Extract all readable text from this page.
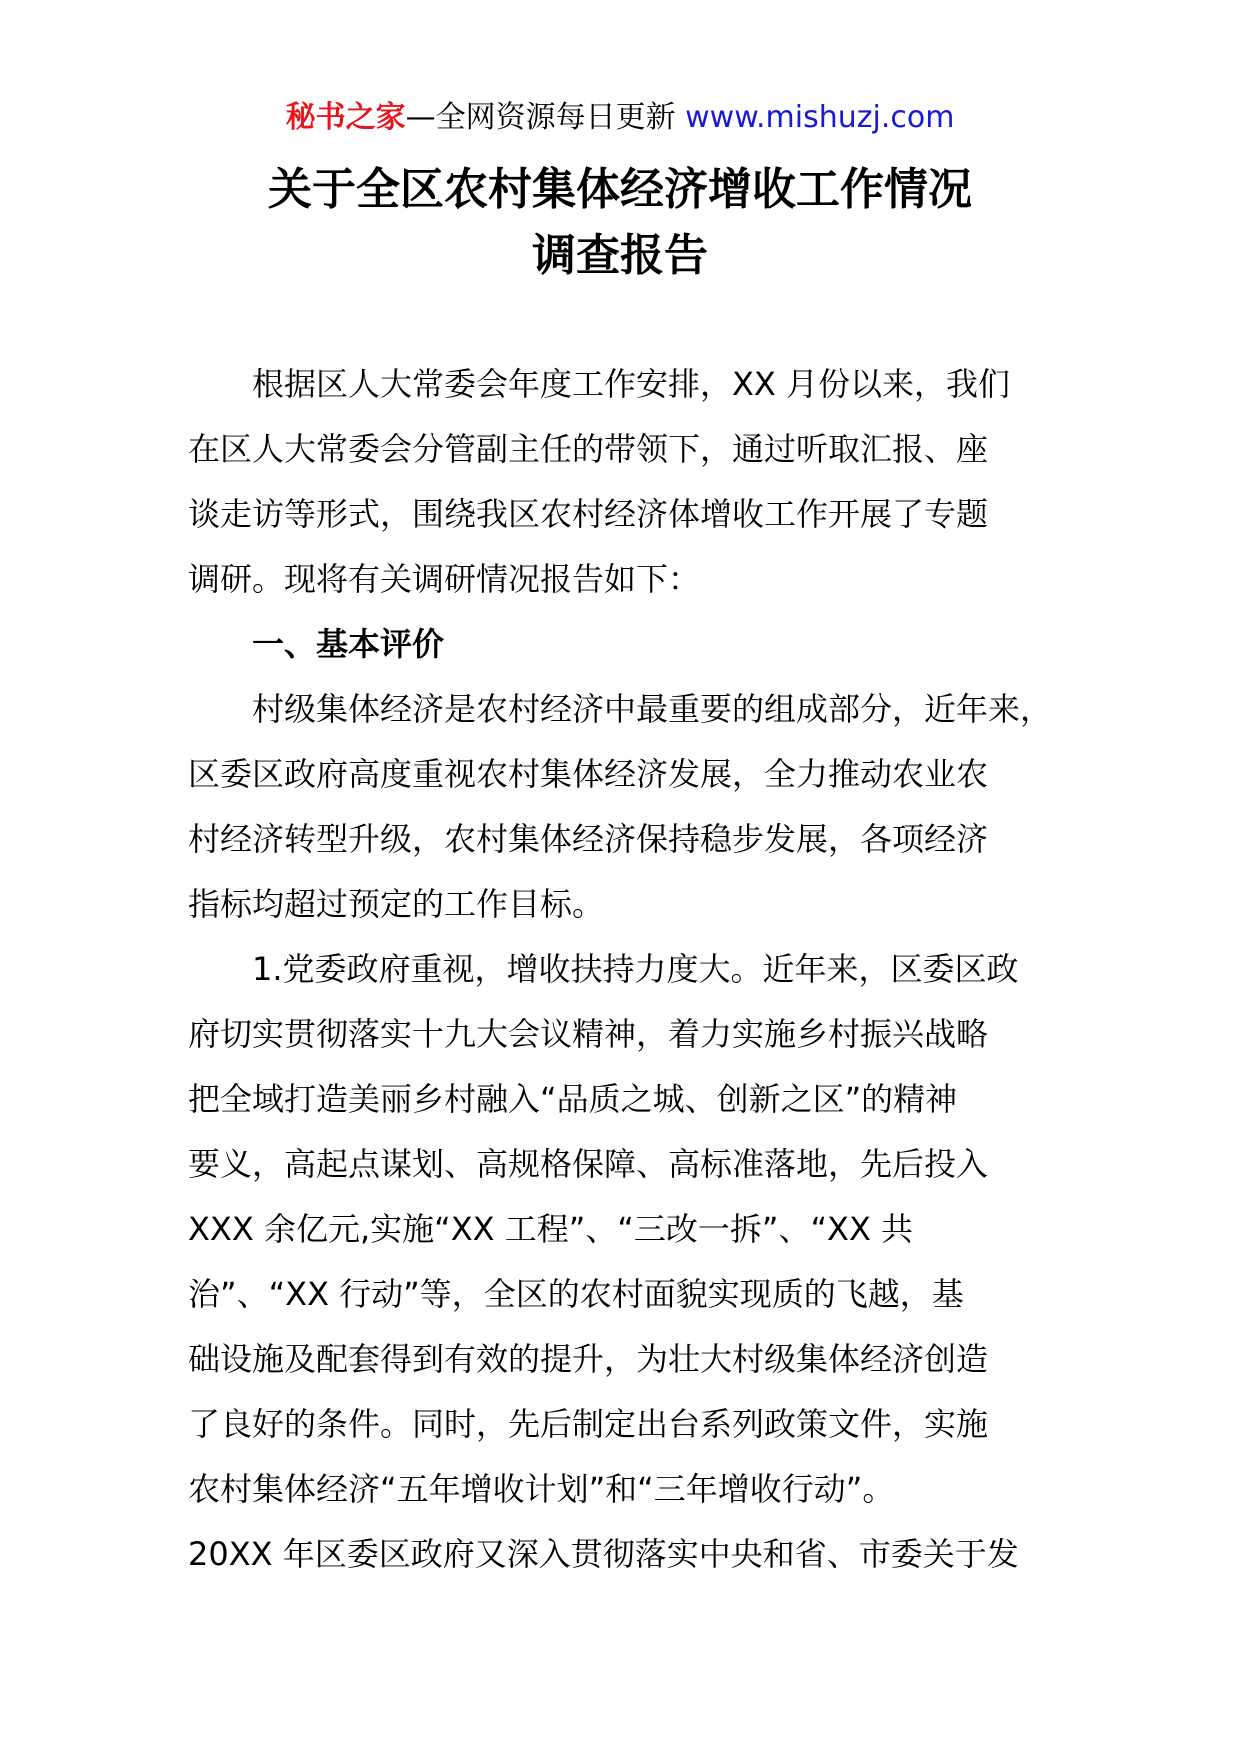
秘书之家—全网资源每日更新 www.mishuzj.com
关于全区农村集体经济增收工作情况
调查报告
　　根据区人大常委会年度工作安排，XX 月份以来，我们
在区人大常委会分管副主任的带领下，通过听取汇报、座
谈走访等形式，围绕我区农村经济体增收工作开展了专题
调研。现将有关调研情况报告如下：
　　一、基本评价
　　村级集体经济是农村经济中最重要的组成部分，近年来，
区委区政府高度重视农村集体经济发展，全力推动农业农
村经济转型升级，农村集体经济保持稳步发展，各项经济
指标均超过预定的工作目标。
　　1.党委政府重视，增收扶持力度大。近年来，区委区政
府切实贯彻落实十九大会议精神，着力实施乡村振兴战略
把全域打造美丽乡村融入“品质之城、创新之区”的精神
要义，高起点谋划、高规格保障、高标准落地，先后投入
XXX 余亿元,实施“XX 工程”、“三改一拆”、“XX 共
治”、“XX 行动”等，全区的农村面貌实现质的飞越，基
础设施及配套得到有效的提升，为壮大村级集体经济创造
了良好的条件。同时，先后制定出台系列政策文件，实施
农村集体经济“五年增收计划”和“三年增收行动”。
20XX 年区委区政府又深入贯彻落实中央和省、市委关于发
